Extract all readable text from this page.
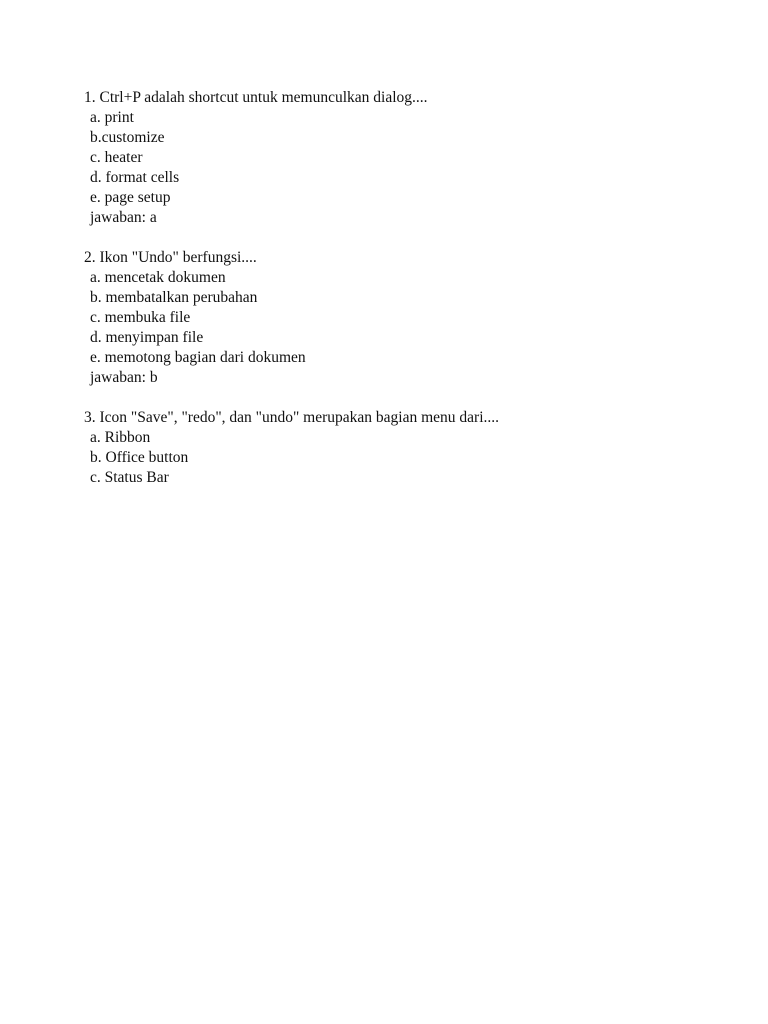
1. Ctrl+P adalah shortcut untuk memunculkan dialog....
a. print
b.customize
c. heater
d. format cells
e. page setup
jawaban: a
2. Ikon "Undo" berfungsi....
a. mencetak dokumen
b. membatalkan perubahan
c. membuka file
d. menyimpan file
e. memotong bagian dari dokumen
jawaban: b
3. Icon "Save", "redo", dan "undo" merupakan bagian menu dari....
a. Ribbon
b. Office button
c. Status Bar
